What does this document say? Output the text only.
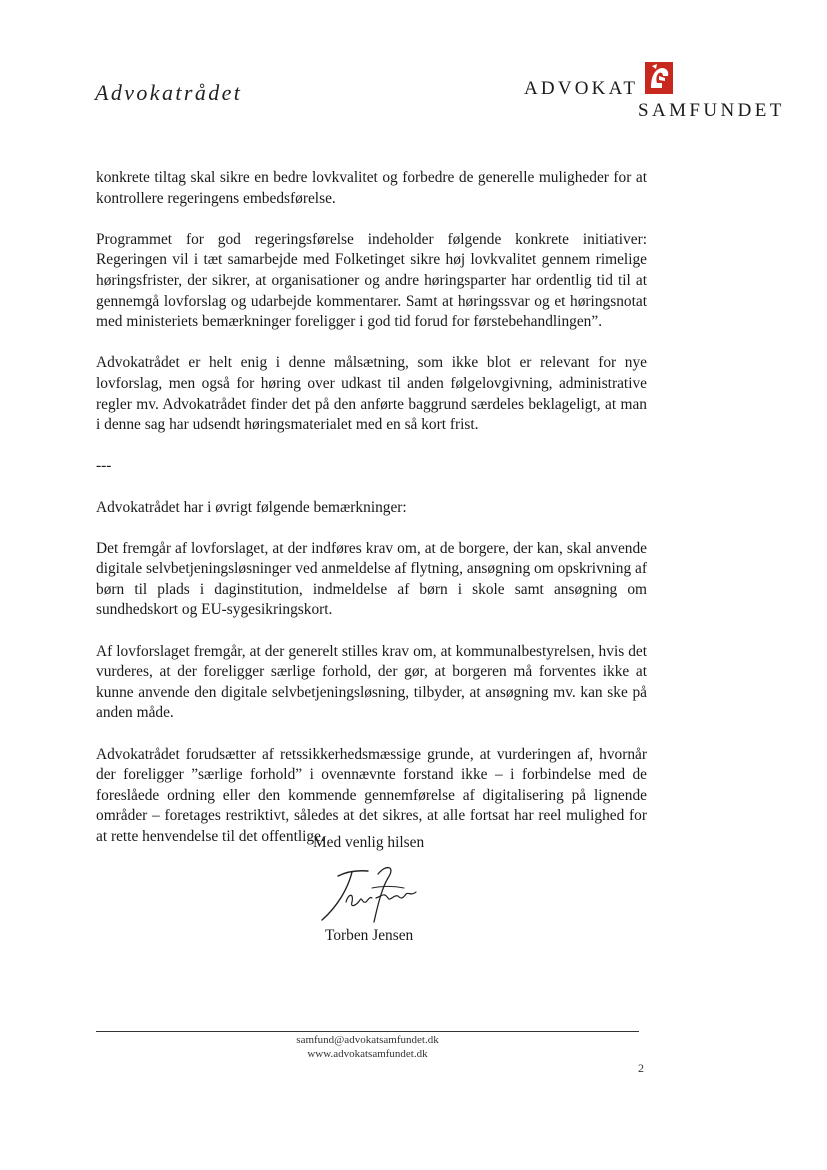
Advokatrådet	ADVOKAT
SAMFUNDET

konkrete tiltag skal sikre en bedre lovkvalitet og forbedre de generelle muligheder for at kontrollere regeringens embedsførelse.

Programmet for god regeringsførelse indeholder følgende konkrete initiativer: Regeringen vil i tæt samarbejde med Folketinget sikre høj lovkvalitet gennem rimelige høringsfrister, der sikrer, at organisationer og andre høringsparter har ordentlig tid til at gennemgå lovforslag og udarbejde kommentarer. Samt at høringssvar og et høringsnotat med ministeriets bemærkninger foreligger i god tid forud for førstebehandlingen”.

Advokatrådet er helt enig i denne målsætning, som ikke blot er relevant for nye lovforslag, men også for høring over udkast til anden følgelovgivning, administrative regler mv. Advokatrådet finder det på den anførte baggrund særdeles beklageligt, at man i denne sag har udsendt høringsmaterialet med en så kort frist.

---

Advokatrådet har i øvrigt følgende bemærkninger:

Det fremgår af lovforslaget, at der indføres krav om, at de borgere, der kan, skal anvende digitale selvbetjeningsløsninger ved anmeldelse af flytning, ansøgning om opskrivning af børn til plads i daginstitution, indmeldelse af børn i skole samt ansøgning om sundhedskort og EU-sygesikringskort.

Af lovforslaget fremgår, at der generelt stilles krav om, at kommunalbestyrelsen, hvis det vurderes, at der foreligger særlige forhold, der gør, at borgeren må forventes ikke at kunne anvende den digitale selvbetjeningsløsning, tilbyder, at ansøgning mv. kan ske på anden måde.

Advokatrådet forudsætter af retssikkerhedsmæssige grunde, at vurderingen af, hvornår der foreligger ”særlige forhold” i ovennævnte forstand ikke – i forbindelse med de foreslåede ordning eller den kommende gennemførelse af digitalisering på lignende områder – foretages restriktivt, således at det sikres, at alle fortsat har reel mulighed for at rette henvendelse til det offentlige.

Med venlig hilsen
Torben Jensen
samfund@advokatsamfundet.dk
www.advokatsamfundet.dk
2
